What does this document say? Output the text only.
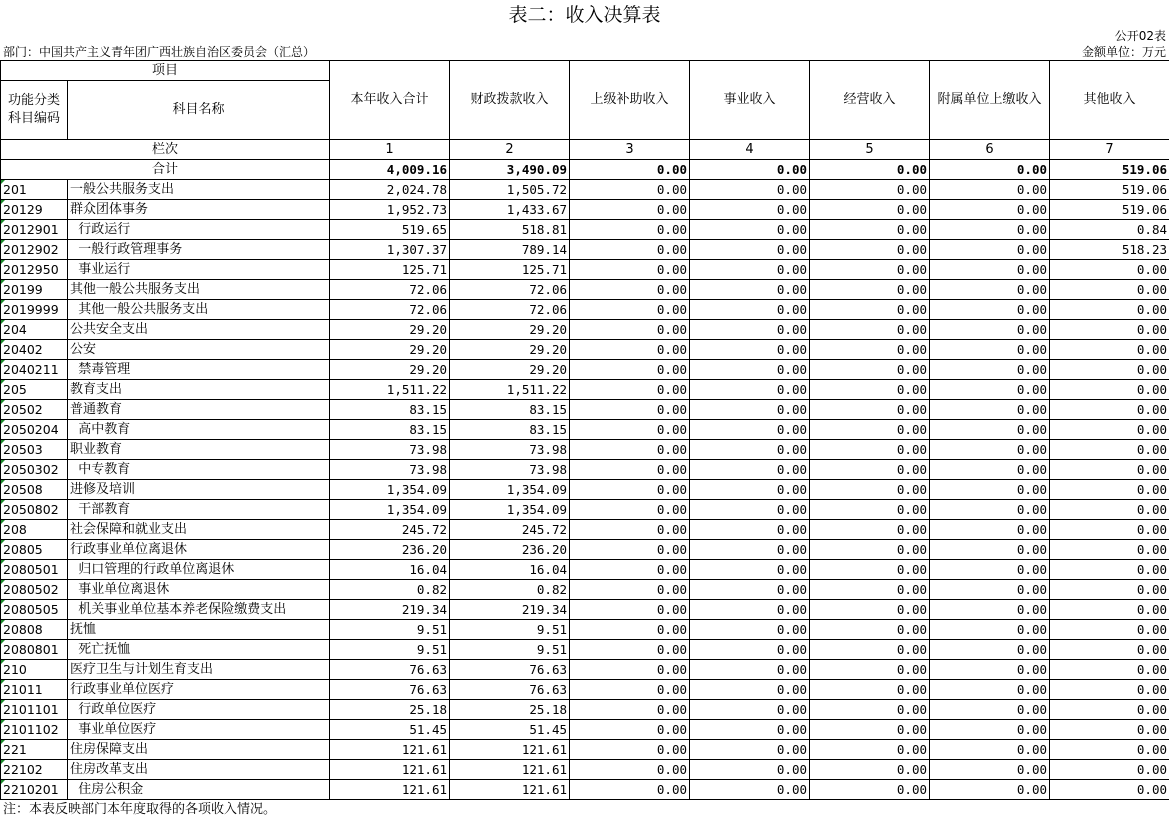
表二：收入决算表
公开02表
部门：中国共产主义青年团广西壮族自治区委员会（汇总）	金额单位：万元
项目		本年收入合计	财政拨款收入	上级补助收入	事业收入	经营收入	附属单位上缴收入	其他收入
功能分类科目编码	科目名称							
栏次		1	2	3	4	5	6	7
合计		4,009.16	3,490.09	0.00	0.00	0.00	0.00	519.06
201	一般公共服务支出	2,024.78	1,505.72	0.00	0.00	0.00	0.00	519.06
20129	群众团体事务	1,952.73	1,433.67	0.00	0.00	0.00	0.00	519.06
2012901	行政运行	519.65	518.81	0.00	0.00	0.00	0.00	0.84
2012902	一般行政管理事务	1,307.37	789.14	0.00	0.00	0.00	0.00	518.23
2012950	事业运行	125.71	125.71	0.00	0.00	0.00	0.00	0.00
20199	其他一般公共服务支出	72.06	72.06	0.00	0.00	0.00	0.00	0.00
2019999	其他一般公共服务支出	72.06	72.06	0.00	0.00	0.00	0.00	0.00
204	公共安全支出	29.20	29.20	0.00	0.00	0.00	0.00	0.00
20402	公安	29.20	29.20	0.00	0.00	0.00	0.00	0.00
2040211	禁毒管理	29.20	29.20	0.00	0.00	0.00	0.00	0.00
205	教育支出	1,511.22	1,511.22	0.00	0.00	0.00	0.00	0.00
20502	普通教育	83.15	83.15	0.00	0.00	0.00	0.00	0.00
2050204	高中教育	83.15	83.15	0.00	0.00	0.00	0.00	0.00
20503	职业教育	73.98	73.98	0.00	0.00	0.00	0.00	0.00
2050302	中专教育	73.98	73.98	0.00	0.00	0.00	0.00	0.00
20508	进修及培训	1,354.09	1,354.09	0.00	0.00	0.00	0.00	0.00
2050802	干部教育	1,354.09	1,354.09	0.00	0.00	0.00	0.00	0.00
208	社会保障和就业支出	245.72	245.72	0.00	0.00	0.00	0.00	0.00
20805	行政事业单位离退休	236.20	236.20	0.00	0.00	0.00	0.00	0.00
2080501	归口管理的行政单位离退休	16.04	16.04	0.00	0.00	0.00	0.00	0.00
2080502	事业单位离退休	0.82	0.82	0.00	0.00	0.00	0.00	0.00
2080505	机关事业单位基本养老保险缴费支出	219.34	219.34	0.00	0.00	0.00	0.00	0.00
20808	抚恤	9.51	9.51	0.00	0.00	0.00	0.00	0.00
2080801	死亡抚恤	9.51	9.51	0.00	0.00	0.00	0.00	0.00
210	医疗卫生与计划生育支出	76.63	76.63	0.00	0.00	0.00	0.00	0.00
21011	行政事业单位医疗	76.63	76.63	0.00	0.00	0.00	0.00	0.00
2101101	行政单位医疗	25.18	25.18	0.00	0.00	0.00	0.00	0.00
2101102	事业单位医疗	51.45	51.45	0.00	0.00	0.00	0.00	0.00
221	住房保障支出	121.61	121.61	0.00	0.00	0.00	0.00	0.00
22102	住房改革支出	121.61	121.61	0.00	0.00	0.00	0.00	0.00
2210201	住房公积金	121.61	121.61	0.00	0.00	0.00	0.00	0.00
注：本表反映部门本年度取得的各项收入情况。
